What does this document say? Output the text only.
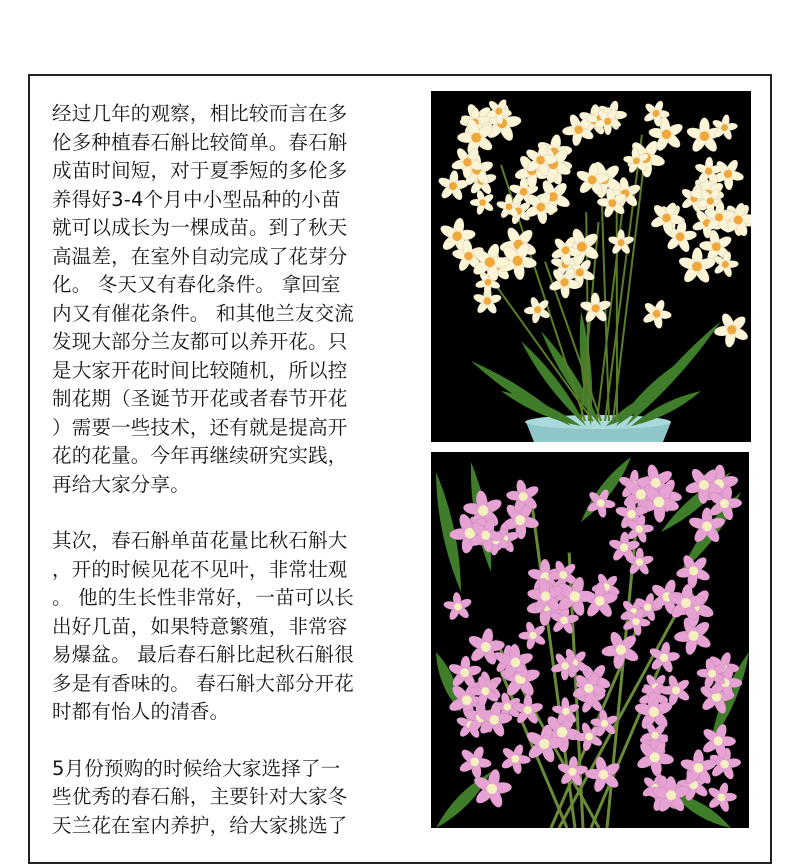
经过几年的观察，相比较而言在多
伦多种植春石斛比较简单。春石斛
成苗时间短，对于夏季短的多伦多
养得好3-4个月中小型品种的小苗
就可以成长为一棵成苗。到了秋天
高温差，在室外自动完成了花芽分
化。 冬天又有春化条件。 拿回室
内又有催花条件。 和其他兰友交流
发现大部分兰友都可以养开花。只
是大家开花时间比较随机，所以控
制花期（圣诞节开花或者春节开花
）需要一些技术，还有就是提高开
花的花量。今年再继续研究实践，
再给大家分享。

其次，春石斛单苗花量比秋石斛大
，开的时候见花不见叶，非常壮观
。 他的生长性非常好，一苗可以长
出好几苗，如果特意繁殖，非常容
易爆盆。 最后春石斛比起秋石斛很
多是有香味的。 春石斛大部分开花
时都有怡人的清香。

5月份预购的时候给大家选择了一
些优秀的春石斛，主要针对大家冬
天兰花在室内养护，给大家挑选了
